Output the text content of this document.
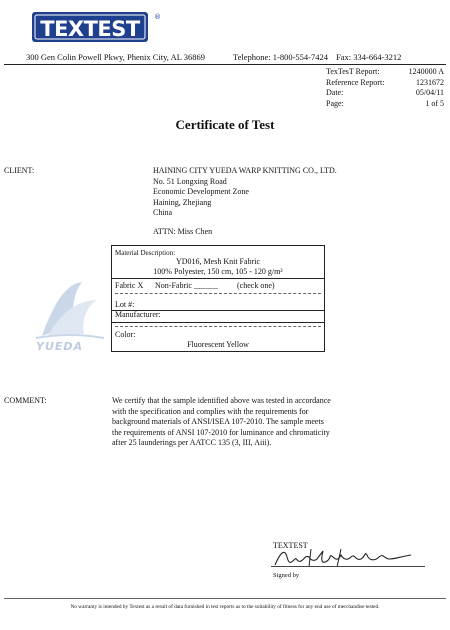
TEXTEST ®
300 Gen Colin Powell Pkwy, Phenix City, AL 36869	Telephone: 1-800-554-7424 Fax: 334-664-3212
TexTesT Report:	1240000 A
Reference Report:	1231672
Date:	05/04/11
Page:	1 of 5
Certificate of Test
CLIENT:	HAINING CITY YUEDA WARP KNITTING CO., LTD.
No. 51 Longxing Road
Economic Development Zone
Haining, Zhejiang
China
ATTN: Miss Chen
YUEDA
Material Description:
YD016, Mesh Knit Fabric
100% Polyester, 150 cm, 105 - 120 g/m²
Fabric X Non-Fabric ______ (check one)
Lot #:
Manufacturer:
Color:
Fluorescent Yellow
COMMENT:	We certify that the sample identified above was tested in accordance
with the specification and complies with the requirements for
background materials of ANSI/ISEA 107-2010. The sample meets
the requirements of ANSI 107-2010 for luminance and chromaticity
after 25 launderings per AATCC 135 (3, III, Aiii).
TEXTEST
Signed by
No warranty is intended by Textest as a result of data furnished in test reports as to the suitability of fitness for any end use of merchandise tested.
